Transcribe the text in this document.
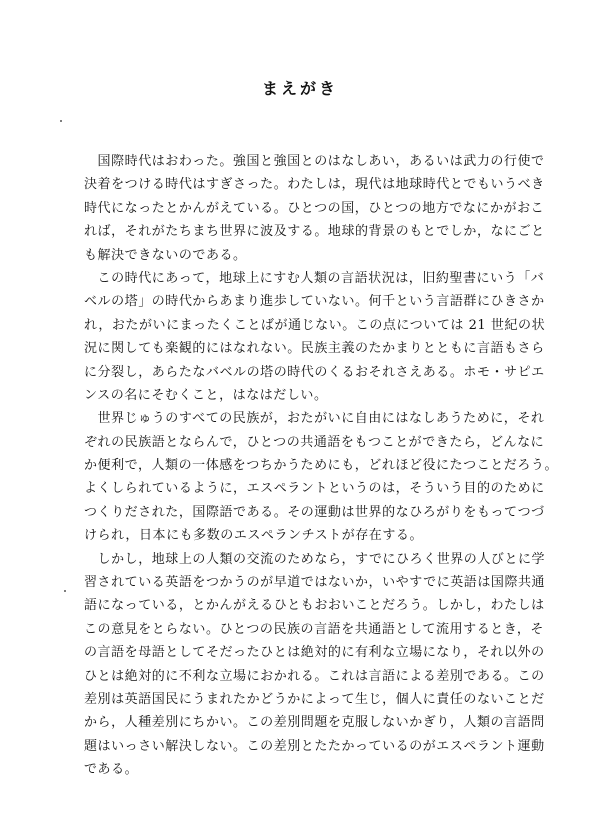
まえがき
　国際時代はおわった。強国と強国とのはなしあい，あるいは武力の行使で
決着をつける時代はすぎさった。わたしは，現代は地球時代とでもいうべき
時代になったとかんがえている。ひとつの国，ひとつの地方でなにかがおこ
れば，それがたちまち世界に波及する。地球的背景のもとでしか，なにごと
も解決できないのである。
　この時代にあって，地球上にすむ人類の言語状況は，旧約聖書にいう「バ
ベルの塔」の時代からあまり進歩していない。何千という言語群にひきさか
れ，おたがいにまったくことばが通じない。この点については 21 世紀の状
況に関しても楽観的にはなれない。民族主義のたかまりとともに言語もさら
に分裂し，あらたなバベルの塔の時代のくるおそれさえある。ホモ・サピエ
ンスの名にそむくこと，はなはだしい。
　世界じゅうのすべての民族が，おたがいに自由にはなしあうために，それ
ぞれの民族語とならんで，ひとつの共通語をもつことができたら，どんなに
か便利で，人類の一体感をつちかうためにも，どれほど役にたつことだろう。
よくしられているように，エスペラントというのは，そういう目的のために
つくりだされた，国際語である。その運動は世界的なひろがりをもってつづ
けられ，日本にも多数のエスペランチストが存在する。
　しかし，地球上の人類の交流のためなら，すでにひろく世界の人びとに学
習されている英語をつかうのが早道ではないか，いやすでに英語は国際共通
語になっている，とかんがえるひともおおいことだろう。しかし，わたしは
この意見をとらない。ひとつの民族の言語を共通語として流用するとき，そ
の言語を母語としてそだったひとは絶対的に有利な立場になり，それ以外の
ひとは絶対的に不利な立場におかれる。これは言語による差別である。この
差別は英語国民にうまれたかどうかによって生じ，個人に責任のないことだ
から，人種差別にちかい。この差別問題を克服しないかぎり，人類の言語問
題はいっさい解決しない。この差別とたたかっているのがエスペラント運動
である。
